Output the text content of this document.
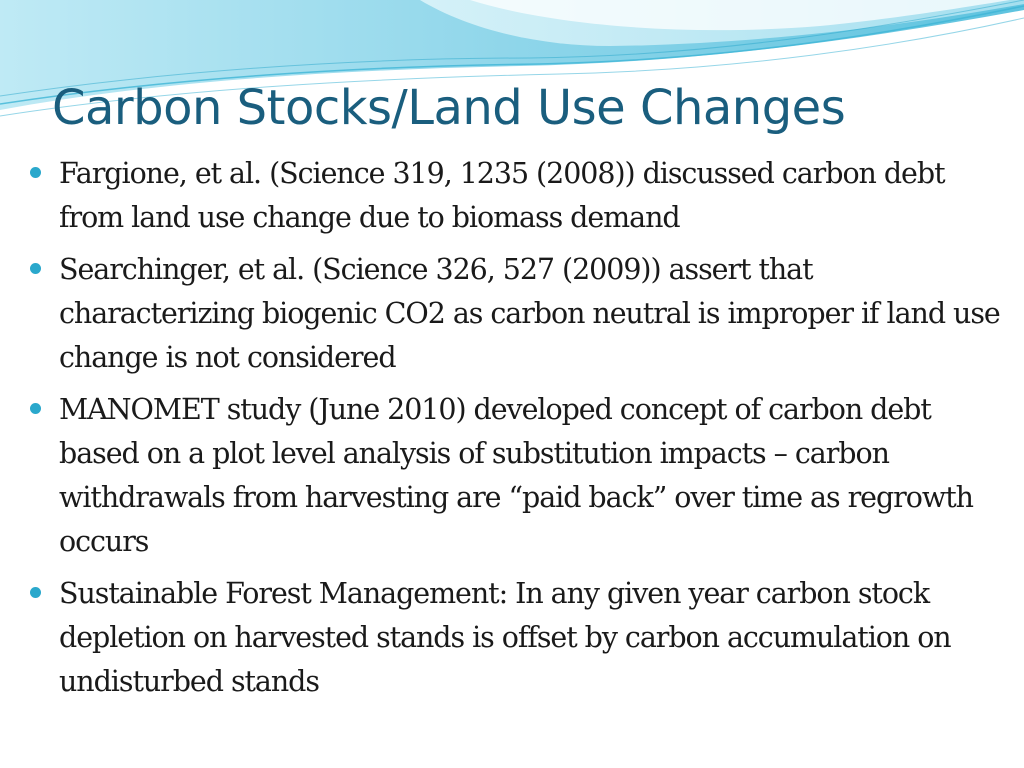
Carbon Stocks/Land Use Changes
Fargione, et al. (Science 319, 1235 (2008)) discussed carbon debt from land use change due to biomass demand
Searchinger, et al. (Science 326, 527 (2009)) assert that characterizing biogenic CO2 as carbon neutral is improper if land use change is not considered
MANOMET study (June 2010) developed concept of carbon debt based on a plot level analysis of substitution impacts – carbon withdrawals from harvesting are “paid back” over time as regrowth occurs
Sustainable Forest Management: In any given year carbon stock depletion on harvested stands is offset by carbon accumulation on undisturbed stands
